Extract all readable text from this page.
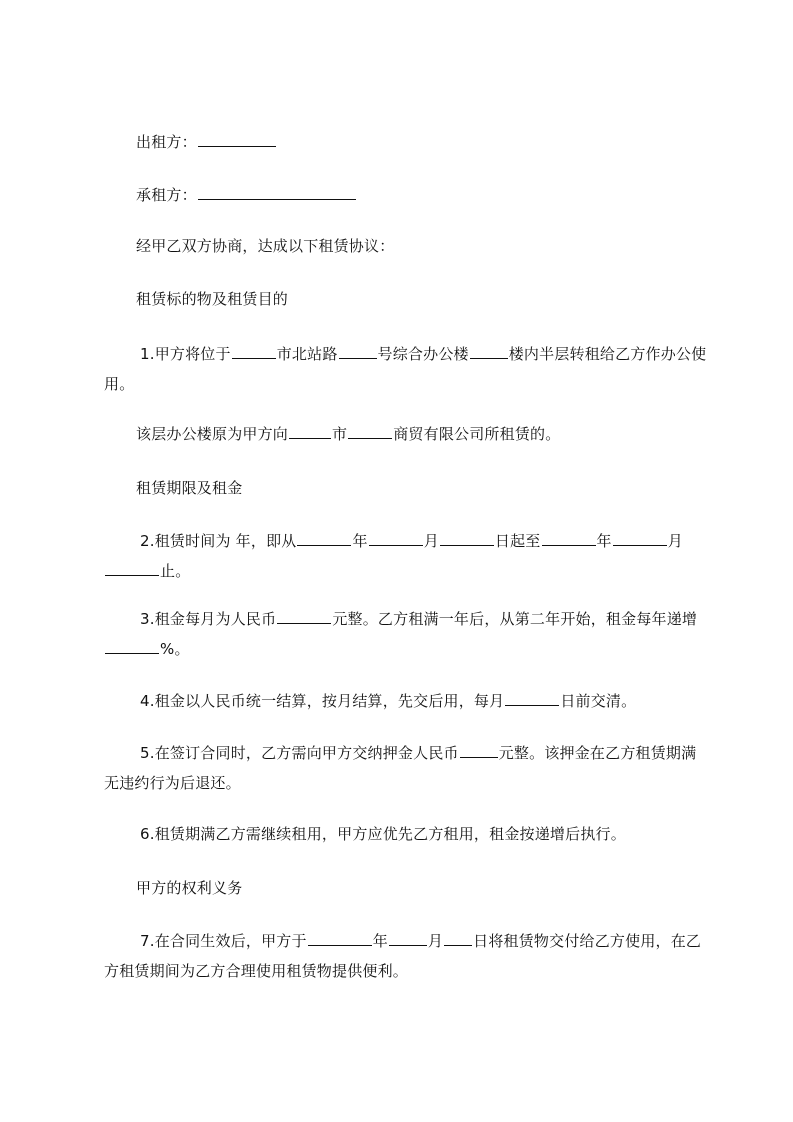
出租方：

承租方：

经甲乙双方协商，达成以下租赁协议：

租赁标的物及租赁目的

1.甲方将位于	市北站路	号综合办公楼	楼内半层转租给乙方作办公使用。

该层办公楼原为甲方向	市	商贸有限公司所租赁的。

租赁期限及租金

2.租赁时间为 年，即从	年	月	日起至	年	月止。

3.租金每月为人民币	元整。乙方租满一年后，从第二年开始，租金每年递增%。

4.租金以人民币统一结算，按月结算，先交后用，每月	日前交清。

5.在签订合同时，乙方需向甲方交纳押金人民币	元整。该押金在乙方租赁期满无违约行为后退还。

6.租赁期满乙方需继续租用，甲方应优先乙方租用，租金按递增后执行。

甲方的权利义务

7.在合同生效后，甲方于	年	月 日将租赁物交付给乙方使用，在乙方租赁期间为乙方合理使用租赁物提供便利。
